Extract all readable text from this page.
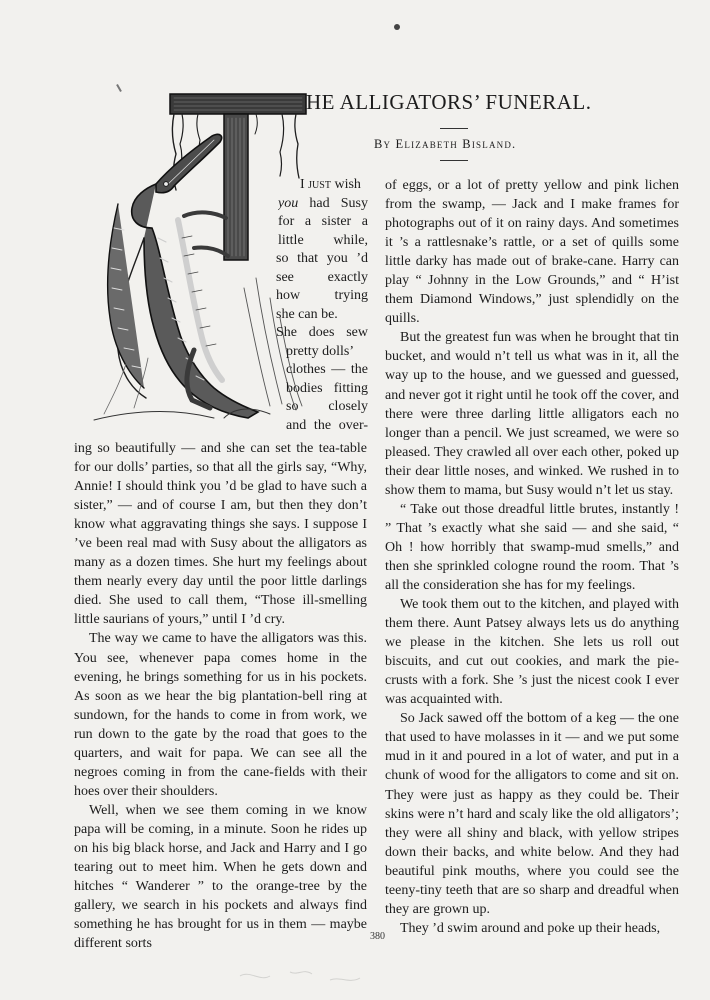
HE ALLIGATORS’ FUNERAL.

By Elizabeth Bisland.

I just wish

you had Susy

for a sister a

little while,

so that you ’d

see exactly

how trying

she can be.

She does sew

pretty dolls’

clothes — the

bodies fitting

so closely

and the over-

ing so beautifully — and she can set the tea-table for our dolls’ parties, so that all the girls say, “Why, Annie! I should think you ’d be glad to have such a sister,” — and of course I am, but then they don’t know what aggravating things she says. I suppose I ’ve been real mad with Susy about the alligators as many as a dozen times. She hurt my feelings about them nearly every day until the poor little darlings died. She used to call them, “Those ill-smelling little saurians of yours,” until I ’d cry.

The way we came to have the alligators was this. You see, whenever papa comes home in the evening, he brings something for us in his pockets. As soon as we hear the big plantation-bell ring at sundown, for the hands to come in from work, we run down to the gate by the road that goes to the quarters, and wait for papa. We can see all the negroes coming in from the cane-fields with their hoes over their shoulders.

Well, when we see them coming in we know papa will be coming, in a minute. Soon he rides up on his big black horse, and Jack and Harry and I go tearing out to meet him. When he gets down and hitches “ Wanderer ” to the orange-tree by the gallery, we search in his pockets and always find something he has brought for us in them — maybe different sorts

of eggs, or a lot of pretty yellow and pink lichen from the swamp, — Jack and I make frames for photographs out of it on rainy days. And sometimes it ’s a rattlesnake’s rattle, or a set of quills some little darky has made out of brake-cane. Harry can play “ Johnny in the Low Grounds,” and “ H’ist them Diamond Windows,” just splendidly on the quills.

But the greatest fun was when he brought that tin bucket, and would n’t tell us what was in it, all the way up to the house, and we guessed and guessed, and never got it right until he took off the cover, and there were three darling little alligators each no longer than a pencil. We just screamed, we were so pleased. They crawled all over each other, poked up their dear little noses, and winked. We rushed in to show them to mama, but Susy would n’t let us stay.

“ Take out those dreadful little brutes, instantly ! ” That ’s exactly what she said — and she said, “ Oh ! how horribly that swamp-mud smells,” and then she sprinkled cologne round the room. That ’s all the consideration she has for my feelings.

We took them out to the kitchen, and played with them there. Aunt Patsey always lets us do anything we please in the kitchen. She lets us roll out biscuits, and cut out cookies, and mark the pie-crusts with a fork. She ’s just the nicest cook I ever was acquainted with.

So Jack sawed off the bottom of a keg — the one that used to have molasses in it — and we put some mud in it and poured in a lot of water, and put in a chunk of wood for the alligators to come and sit on. They were just as happy as they could be. Their skins were n’t hard and scaly like the old alligators’; they were all shiny and black, with yellow stripes down their backs, and white below. And they had beautiful pink mouths, where you could see the teeny-tiny teeth that are so sharp and dreadful when they are grown up.

They ’d swim around and poke up their heads,

380
